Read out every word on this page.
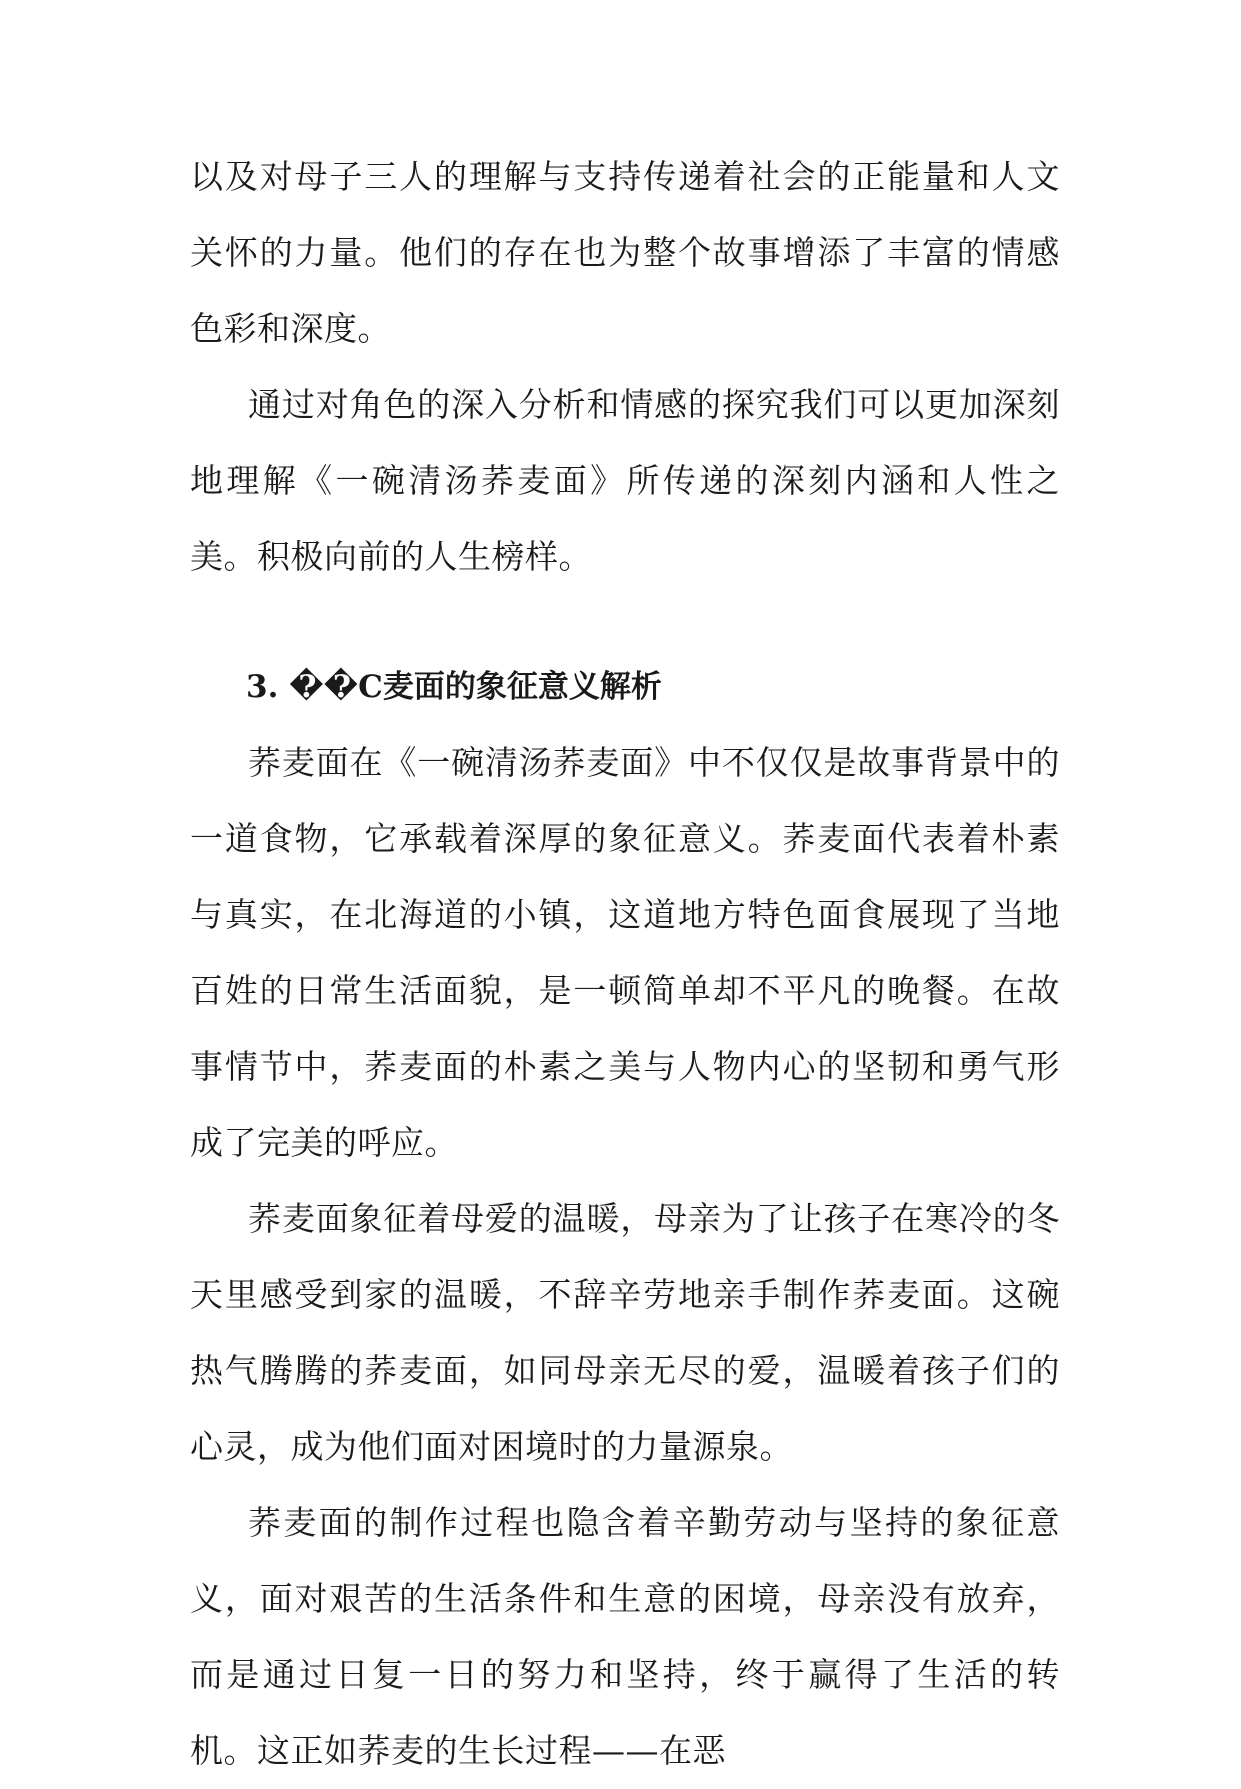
以及对母子三人的理解与支持传递着社会的正能量和人文关怀的力量。他们的存在也为整个故事增添了丰富的情感色彩和深度。

通过对角色的深入分析和情感的探究我们可以更加深刻地理解《一碗清汤荞麦面》所传递的深刻内涵和人性之美。积极向前的人生榜样。

3. ��C麦面的象征意义解析

荞麦面在《一碗清汤荞麦面》中不仅仅是故事背景中的一道食物，它承载着深厚的象征意义。荞麦面代表着朴素与真实，在北海道的小镇，这道地方特色面食展现了当地百姓的日常生活面貌，是一顿简单却不平凡的晚餐。在故事情节中，荞麦面的朴素之美与人物内心的坚韧和勇气形成了完美的呼应。

荞麦面象征着母爱的温暖，母亲为了让孩子在寒冷的冬天里感受到家的温暖，不辞辛劳地亲手制作荞麦面。这碗热气腾腾的荞麦面，如同母亲无尽的爱，温暖着孩子们的心灵，成为他们面对困境时的力量源泉。

荞麦面的制作过程也隐含着辛勤劳动与坚持的象征意义，面对艰苦的生活条件和生意的困境，母亲没有放弃，而是通过日复一日的努力和坚持，终于赢得了生活的转机。这正如荞麦的生长过程——在恶
